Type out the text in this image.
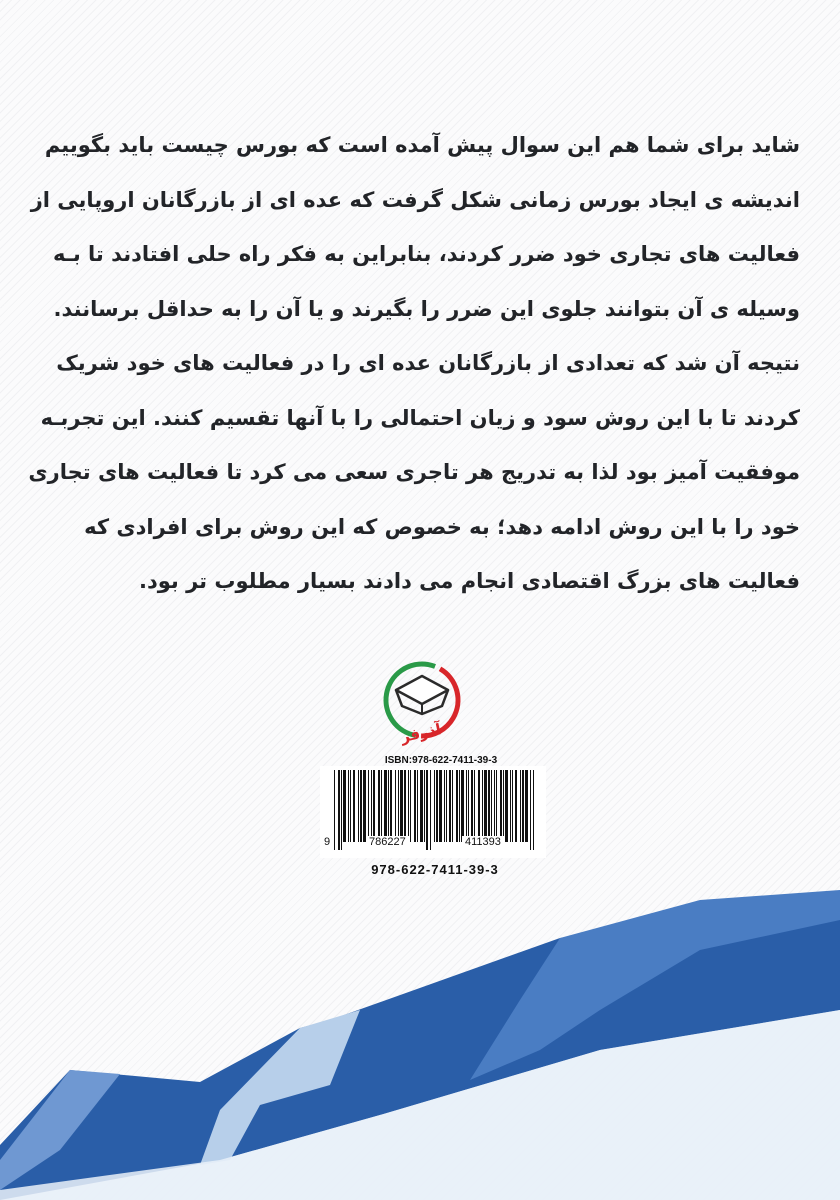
شاید برای شما هم این سوال پیش آمده است که بورس چیست باید بگوییم
اندیشه ی ایجاد بورس زمانی شکل گرفت که عده ای از بازرگانان اروپایی از
فعالیت های تجاری خود ضرر کردند، بنابراین به فکر راه حلی افتادند تا بـه
وسیله ی آن بتوانند جلوی این ضرر را بگیرند و یا آن را به حداقل برسانند.
نتیجه آن شد که تعدادی از بازرگانان عده ای را در فعالیت های خود شریک
کردند تا با این روش سود و زیان احتمالی را با آنها تقسیم کنند. این تجربـه
موفقیت آمیز بود لذا به تدریج هر تاجری سعی می کرد تا فعالیت های تجاری
خود را با این روش ادامه دهد؛ به خصوص که این روش برای افرادی که
فعالیت های بزرگ اقتصادی انجام می دادند بسیار مطلوب تر بود.
آذرفر
ISBN:978-622-7411-39-3
9	786227	411393
978-622-7411-39-3
